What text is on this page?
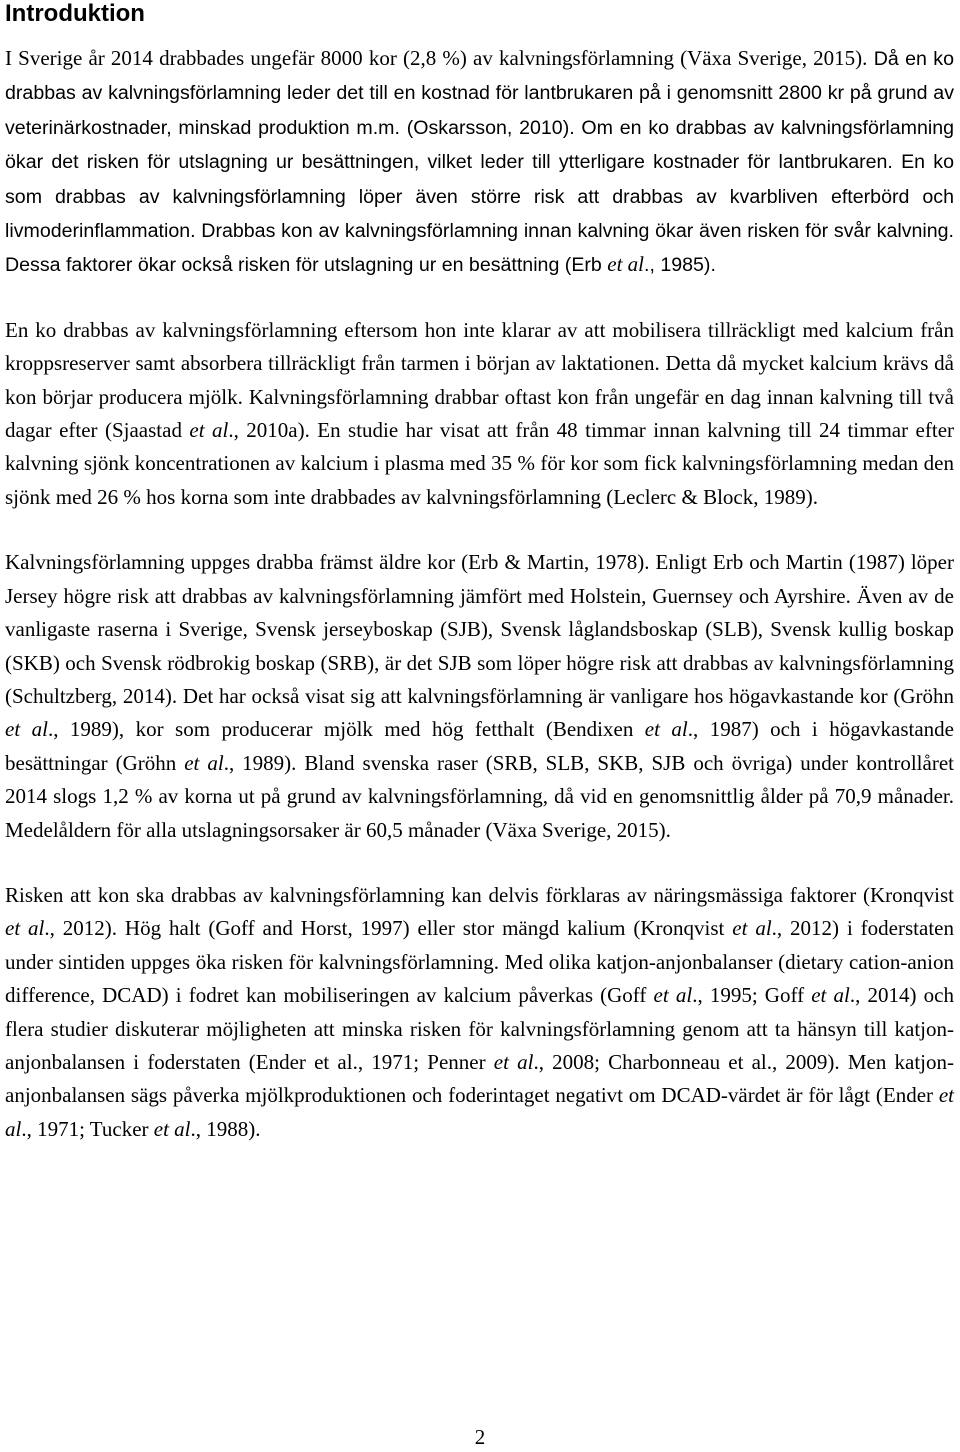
Introduktion

I Sverige år 2014 drabbades ungefär 8000 kor (2,8 %) av kalvningsförlamning (Växa Sverige, 2015). Då en ko drabbas av kalvningsförlamning leder det till en kostnad för lantbrukaren på i genomsnitt 2800 kr på grund av veterinärkostnader, minskad produktion m.m. (Oskarsson, 2010). Om en ko drabbas av kalvningsförlamning ökar det risken för utslagning ur besättningen, vilket leder till ytterligare kostnader för lantbrukaren. En ko som drabbas av kalvningsförlamning löper även större risk att drabbas av kvarbliven efterbörd och livmoderinflammation. Drabbas kon av kalvningsförlamning innan kalvning ökar även risken för svår kalvning. Dessa faktorer ökar också risken för utslagning ur en besättning (Erb et al., 1985).

En ko drabbas av kalvningsförlamning eftersom hon inte klarar av att mobilisera tillräckligt med kalcium från kroppsreserver samt absorbera tillräckligt från tarmen i början av laktationen. Detta då mycket kalcium krävs då kon börjar producera mjölk. Kalvningsförlamning drabbar oftast kon från ungefär en dag innan kalvning till två dagar efter (Sjaastad et al., 2010a). En studie har visat att från 48 timmar innan kalvning till 24 timmar efter kalvning sjönk koncentrationen av kalcium i plasma med 35 % för kor som fick kalvningsförlamning medan den sjönk med 26 % hos korna som inte drabbades av kalvningsförlamning (Leclerc & Block, 1989).

Kalvningsförlamning uppges drabba främst äldre kor (Erb & Martin, 1978). Enligt Erb och Martin (1987) löper Jersey högre risk att drabbas av kalvningsförlamning jämfört med Holstein, Guernsey och Ayrshire. Även av de vanligaste raserna i Sverige, Svensk jerseyboskap (SJB), Svensk låglandsboskap (SLB), Svensk kullig boskap (SKB) och Svensk rödbrokig boskap (SRB), är det SJB som löper högre risk att drabbas av kalvningsförlamning (Schultzberg, 2014). Det har också visat sig att kalvningsförlamning är vanligare hos högavkastande kor (Gröhn et al., 1989), kor som producerar mjölk med hög fetthalt (Bendixen et al., 1987) och i högavkastande besättningar (Gröhn et al., 1989). Bland svenska raser (SRB, SLB, SKB, SJB och övriga) under kontrollåret 2014 slogs 1,2 % av korna ut på grund av kalvningsförlamning, då vid en genomsnittlig ålder på 70,9 månader. Medelåldern för alla utslagningsorsaker är 60,5 månader (Växa Sverige, 2015).

Risken att kon ska drabbas av kalvningsförlamning kan delvis förklaras av näringsmässiga faktorer (Kronqvist et al., 2012). Hög halt (Goff and Horst, 1997) eller stor mängd kalium (Kronqvist et al., 2012) i foderstaten under sintiden uppges öka risken för kalvningsförlamning. Med olika katjon-anjonbalanser (dietary cation-anion difference, DCAD) i fodret kan mobiliseringen av kalcium påverkas (Goff et al., 1995; Goff et al., 2014) och flera studier diskuterar möjligheten att minska risken för kalvningsförlamning genom att ta hänsyn till katjon-anjonbalansen i foderstaten (Ender et al., 1971; Penner et al., 2008; Charbonneau et al., 2009). Men katjon-anjonbalansen sägs påverka mjölkproduktionen och foderintaget negativt om DCAD-värdet är för lågt (Ender et al., 1971; Tucker et al., 1988).

2
